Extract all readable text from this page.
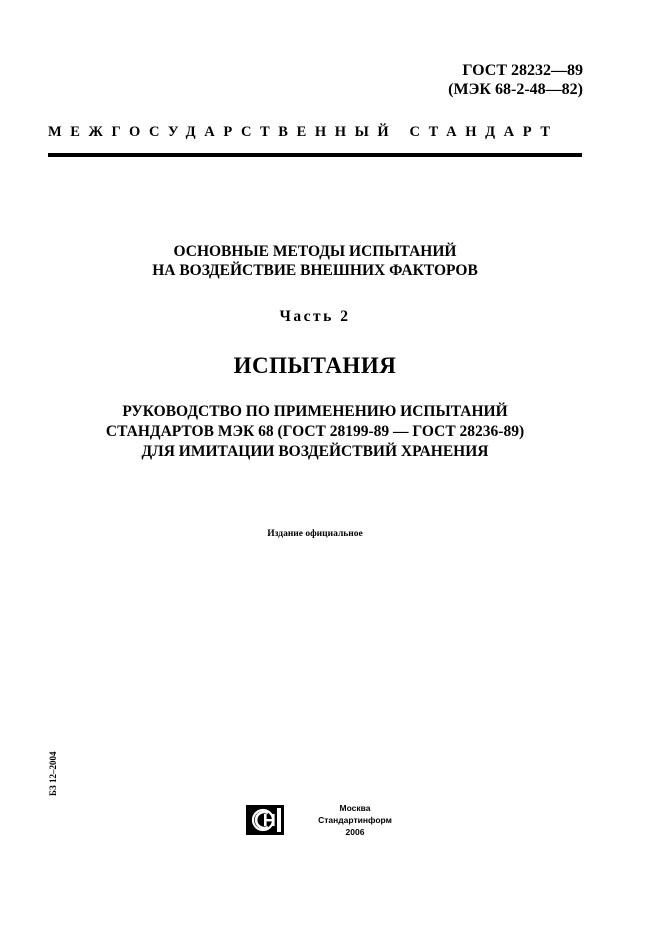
ГОСТ 28232—89
(МЭК 68-2-48—82)
МЕЖГОСУДАРСТВЕННЫЙ СТАНДАРТ
ОСНОВНЫЕ МЕТОДЫ ИСПЫТАНИЙ
НА ВОЗДЕЙСТВИЕ ВНЕШНИХ ФАКТОРОВ
Часть 2
ИСПЫТАНИЯ
РУКОВОДСТВО ПО ПРИМЕНЕНИЮ ИСПЫТАНИЙ
СТАНДАРТОВ МЭК 68 (ГОСТ 28199-89 — ГОСТ 28236-89)
ДЛЯ ИМИТАЦИИ ВОЗДЕЙСТВИЙ ХРАНЕНИЯ
Издание официальное
БЗ 12–2004
Москва
Стандартинформ
2006
